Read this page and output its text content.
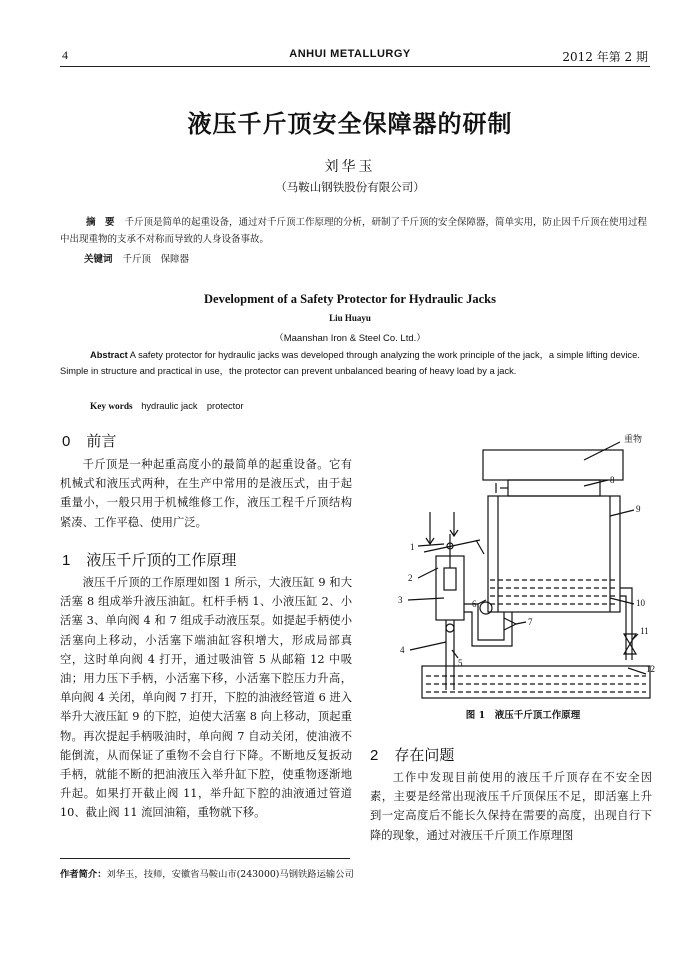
4	ANHUI METALLURGY	2012 年第 2 期
液压千斤顶安全保障器的研制
刘华玉
（马鞍山钢铁股份有限公司）

摘　要 千斤顶是简单的起重设备，通过对千斤顶工作原理的分析，研制了千斤顶的安全保障器，简单实用，防止因千斤顶在使用过程中出现重物的支承不对称而导致的人身设备事故。

关键词 千斤顶　保障器
Development of a Safety Protector for Hydraulic Jacks
Liu Huayu
（Maanshan Iron & Steel Co. Ltd.）
Abstract A safety protector for hydraulic jacks was developed through analyzing the work principle of the jack，a simple lifting device. Simple in structure and practical in use，the protector can prevent unbalanced bearing of heavy load by a jack.
Key words hydraulic jack　protector
0 前言

千斤顶是一种起重高度小的最简单的起重设备。它有机械式和液压式两种，在生产中常用的是液压式，由于起重量小，一般只用于机械维修工作，液压工程千斤顶结构紧凑、工作平稳、使用广泛。

1 液压千斤顶的工作原理

液压千斤顶的工作原理如图 1 所示，大液压缸 9 和大活塞 8 组成举升液压油缸。杠杆手柄 1、小液压缸 2、小活塞 3、单向阀 4 和 7 组成手动液压泵。如提起手柄使小活塞向上移动，小活塞下端油缸容积增大，形成局部真空，这时单向阀 4 打开，通过吸油管 5 从邮箱 12 中吸油；用力压下手柄，小活塞下移，小活塞下腔压力升高，单向阀 4 关闭，单向阀 7 打开，下腔的油液经管道 6 进入举升大液压缸 9 的下腔，迫使大活塞 8 向上移动，顶起重物。再次提起手柄吸油时，单向阀 7 自动关闭，使油液不能倒流，从而保证了重物不会自行下降。不断地反复扳动手柄，就能不断的把油液压入举升缸下腔，使重物逐渐地升起。如果打开截止阀 11，举升缸下腔的油液通过管道 10、截止阀 11 流回油箱，重物就下移。

重物
8
9
1
2
3
4
5
6
7
10
11
12
图 1　液压千斤顶工作原理
2 存在问题

工作中发现目前使用的液压千斤顶存在不安全因素，主要是经常出现液压千斤顶保压不足，即活塞上升到一定高度后不能长久保持在需要的高度，出现自行下降的现象，通过对液压千斤顶工作原理图

作者简介：刘华玉，技师，安徽省马鞍山市(243000)马钢铁路运输公司
